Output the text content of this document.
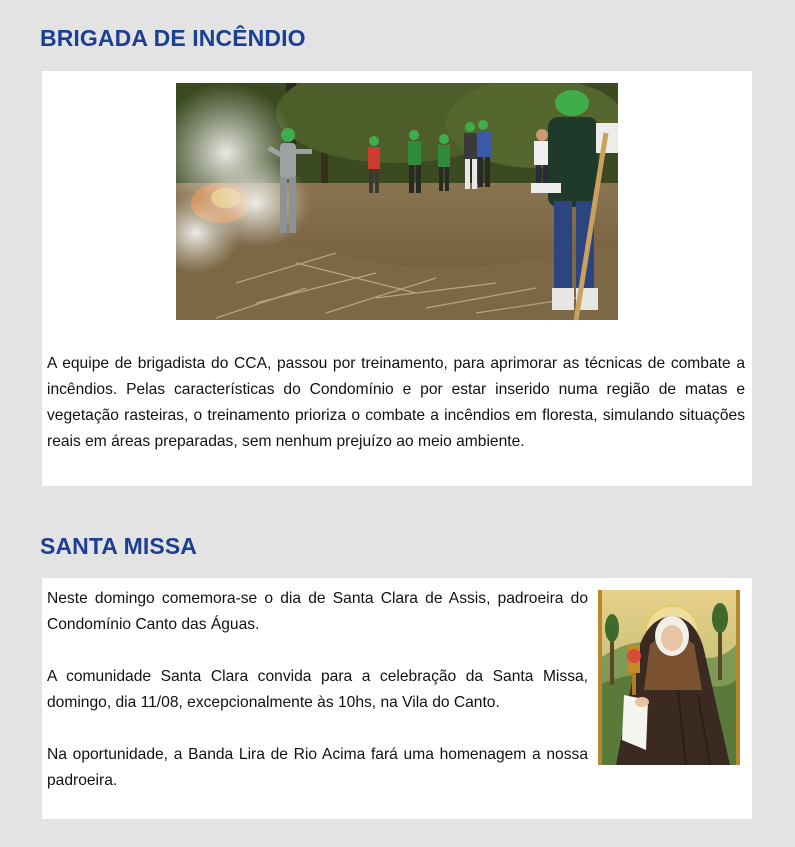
BRIGADA DE INCÊNDIO

A equipe de brigadista do CCA, passou por treinamento, para aprimorar as técnicas de combate a incêndios. Pelas características do Condomínio e por estar inserido numa região de matas e vegetação rasteiras, o treinamento prioriza o combate a incêndios em floresta, simulando situações reais em áreas preparadas, sem nenhum prejuízo ao meio ambiente.

SANTA MISSA

Neste domingo comemora-se o dia de Santa Clara de Assis, padroeira do Condomínio Canto das Águas.

A comunidade Santa Clara convida para a celebração da Santa Missa, domingo, dia 11/08, excepcionalmente às 10hs, na Vila do Canto.

Na oportunidade, a Banda Lira de Rio Acima fará uma homenagem a nossa padroeira.
